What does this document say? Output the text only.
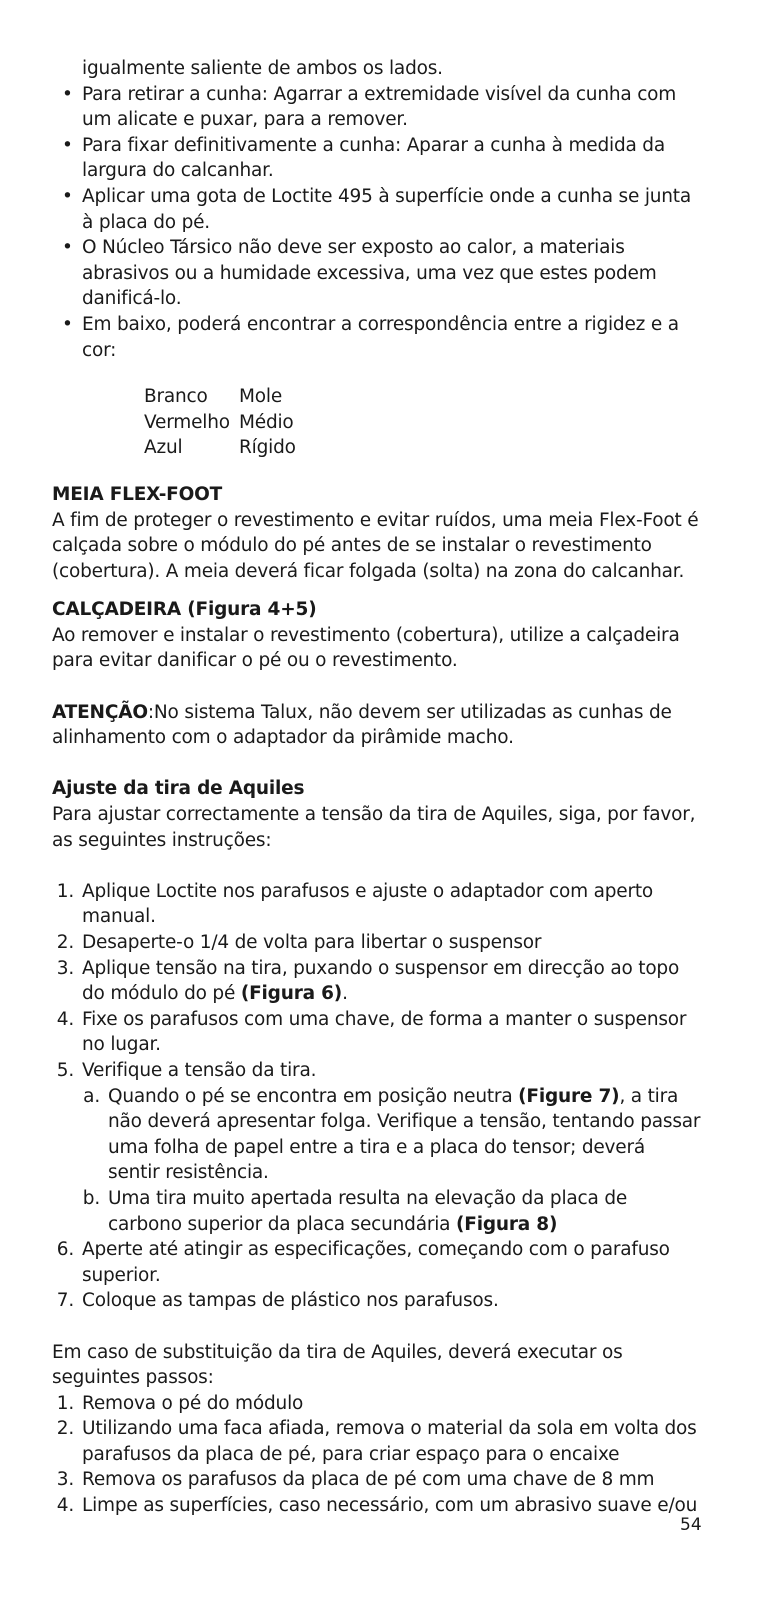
igualmente saliente de ambos os lados.

• Para retirar a cunha: Agarrar a extremidade visível da cunha com um alicate e puxar, para a remover.
• Para fixar definitivamente a cunha: Aparar a cunha à medida da largura do calcanhar.
• Aplicar uma gota de Loctite 495 à superfície onde a cunha se junta à placa do pé.
• O Núcleo Társico não deve ser exposto ao calor, a materiais abrasivos ou a humidade excessiva, uma vez que estes podem danificá-lo.
• Em baixo, poderá encontrar a correspondência entre a rigidez e a cor:
Branco	Mole
Vermelho	Médio
Azul	Rígido
MEIA FLEX-FOOT

A fim de proteger o revestimento e evitar ruídos, uma meia Flex-Foot é calçada sobre o módulo do pé antes de se instalar o revestimento (cobertura). A meia deverá ficar folgada (solta) na zona do calcanhar.

CALÇADEIRA (Figura 4+5)

Ao remover e instalar o revestimento (cobertura), utilize a calçadeira para evitar danificar o pé ou o revestimento.

ATENÇÃO:No sistema Talux, não devem ser utilizadas as cunhas de alinhamento com o adaptador da pirâmide macho.

Ajuste da tira de Aquiles

Para ajustar correctamente a tensão da tira de Aquiles, siga, por favor, as seguintes instruções:

1 . Aplique Loctite nos parafusos e ajuste o adaptador com aperto manual.
2 . Desaperte-o 1/4 de volta para libertar o suspensor
3 . Aplique tensão na tira, puxando o suspensor em direcção ao topo do módulo do pé (Figura 6).
4 . Fixe os parafusos com uma chave, de forma a manter o suspensor no lugar.
5 . Verifique a tensão da tira.
a . Quando o pé se encontra em posição neutra (Figure 7), a tira não deverá apresentar folga. Verifique a tensão, tentando passar uma folha de papel entre a tira e a placa do tensor; deverá sentir resistência.
b . Uma tira muito apertada resulta na elevação da placa de carbono superior da placa secundária (Figura 8)
6 . Aperte até atingir as especificações, começando com o parafuso superior.
7 . Coloque as tampas de plástico nos parafusos.

Em caso de substituição da tira de Aquiles, deverá executar os seguintes passos:

1 . Remova o pé do módulo
2 . Utilizando uma faca afiada, remova o material da sola em volta dos parafusos da placa de pé, para criar espaço para o encaixe
3 . Remova os parafusos da placa de pé com uma chave de 8 mm
4 . Limpe as superfícies, caso necessário, com um abrasivo suave e/ou
54
